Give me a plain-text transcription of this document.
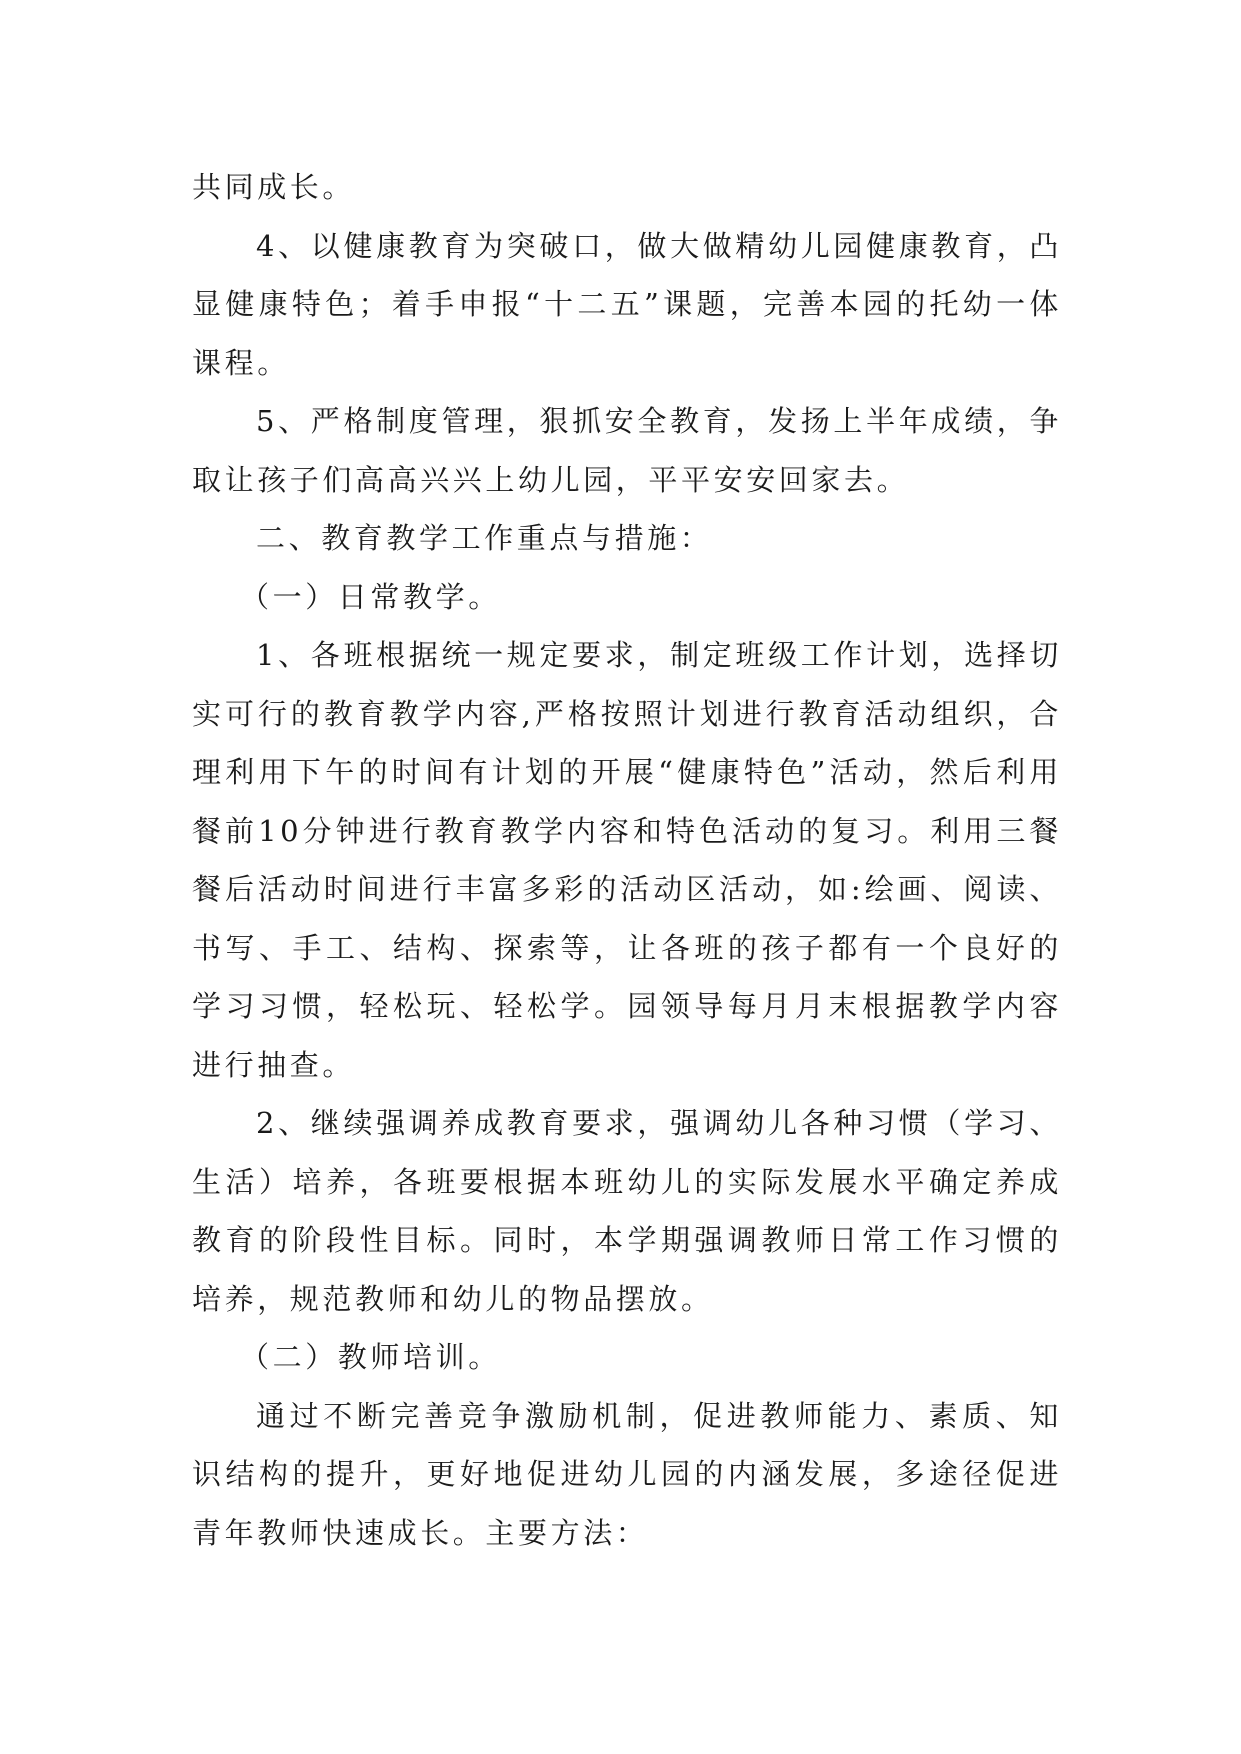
共同成长。

4、以健康教育为突破口，做大做精幼儿园健康教育，凸显健康特色；着手申报“十二五”课题，完善本园的托幼一体课程。

5、严格制度管理，狠抓安全教育，发扬上半年成绩，争取让孩子们高高兴兴上幼儿园，平平安安回家去。

二、教育教学工作重点与措施：

（一）日常教学。

1、各班根据统一规定要求，制定班级工作计划，选择切实可行的教育教学内容,严格按照计划进行教育活动组织，合理利用下午的时间有计划的开展“健康特色”活动，然后利用餐前10分钟进行教育教学内容和特色活动的复习。利用三餐餐后活动时间进行丰富多彩的活动区活动，如:绘画、阅读、书写、手工、结构、探索等，让各班的孩子都有一个良好的学习习惯，轻松玩、轻松学。园领导每月月末根据教学内容进行抽查。

2、继续强调养成教育要求，强调幼儿各种习惯（学习、生活）培养，各班要根据本班幼儿的实际发展水平确定养成教育的阶段性目标。同时，本学期强调教师日常工作习惯的培养，规范教师和幼儿的物品摆放。

（二）教师培训。

通过不断完善竞争激励机制，促进教师能力、素质、知识结构的提升，更好地促进幼儿园的内涵发展，多途径促进青年教师快速成长。主要方法：
